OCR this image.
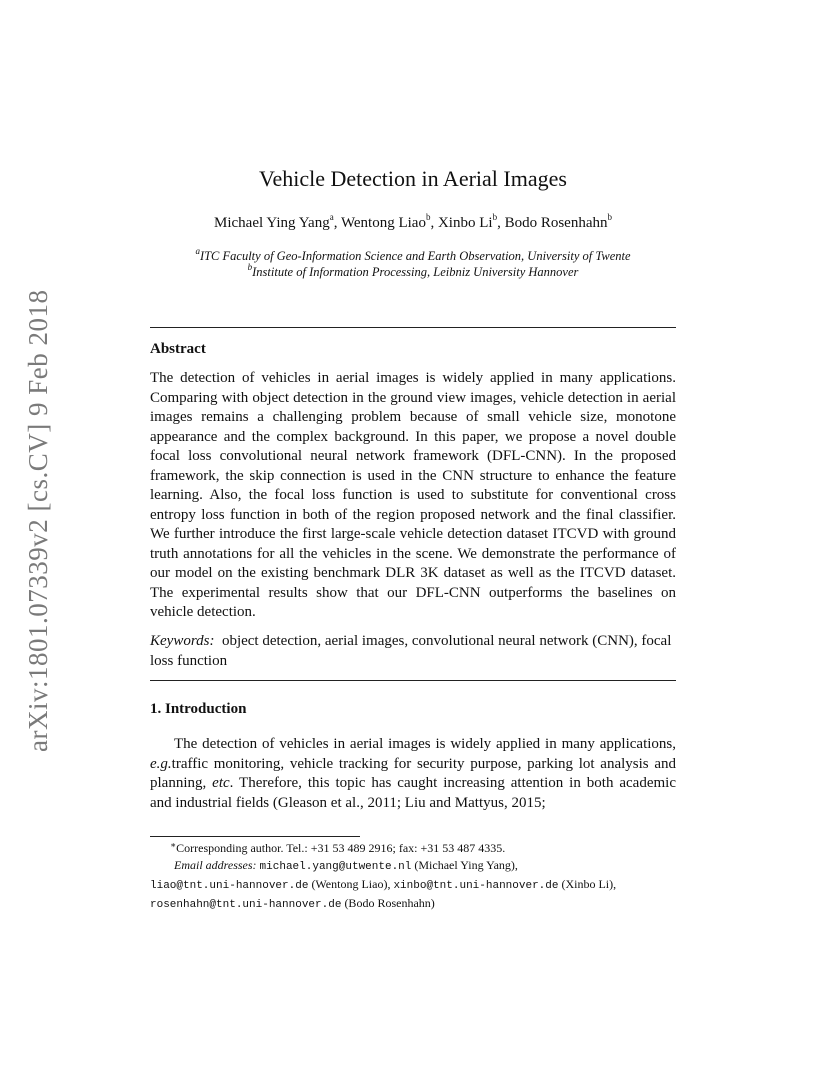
arXiv:1801.07339v2 [cs.CV] 9 Feb 2018
Vehicle Detection in Aerial Images
Michael Ying Yang$^a$, Wentong Liao$^b$, Xinbo Li$^b$, Bodo Rosenhahn$^b$
$^a$ITC Faculty of Geo-Information Science and Earth Observation, University of Twente
$^b$Institute of Information Processing, Leibniz University Hannover
Abstract

The detection of vehicles in aerial images is widely applied in many applications. Comparing with object detection in the ground view images, vehicle detection in aerial images remains a challenging problem because of small vehicle size, monotone appearance and the complex background. In this paper, we propose a novel double focal loss convolutional neural network framework (DFL-CNN). In the proposed framework, the skip connection is used in the CNN structure to enhance the feature learning. Also, the focal loss function is used to substitute for conventional cross entropy loss function in both of the region proposed network and the final classifier. We further introduce the first large-scale vehicle detection dataset ITCVD with ground truth annotations for all the vehicles in the scene. We demonstrate the performance of our model on the existing benchmark DLR 3K dataset as well as the ITCVD dataset. The experimental results show that our DFL-CNN outperforms the baselines on vehicle detection.

Keywords: object detection, aerial images, convolutional neural network (CNN), focal loss function

1. Introduction

The detection of vehicles in aerial images is widely applied in many applications, e.g.traffic monitoring, vehicle tracking for security purpose, parking lot analysis and planning, etc. Therefore, this topic has caught increasing attention in both academic and industrial fields (Gleason et al., 2011; Liu and Mattyus, 2015;

∗Corresponding author. Tel.: +31 53 489 2916; fax: +31 53 487 4335.
Email addresses: michael.yang@utwente.nl (Michael Ying Yang),
liao@tnt.uni-hannover.de (Wentong Liao), xinbo@tnt.uni-hannover.de (Xinbo Li),
rosenhahn@tnt.uni-hannover.de (Bodo Rosenhahn)
